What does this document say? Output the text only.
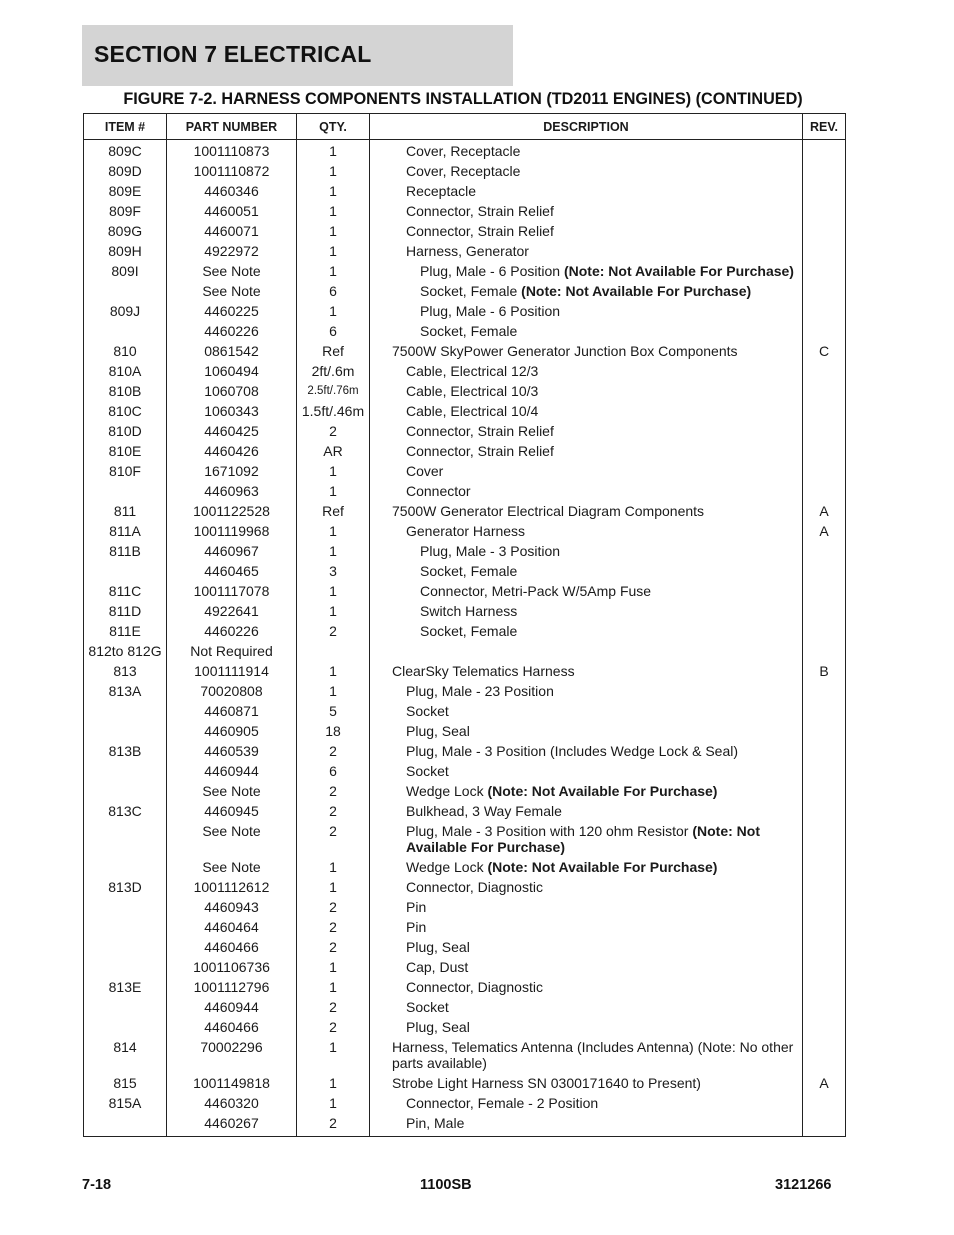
SECTION 7 ELECTRICAL
FIGURE 7-2. HARNESS COMPONENTS INSTALLATION (TD2011 ENGINES) (CONTINUED)
ITEM #	PART NUMBER	QTY.	DESCRIPTION	REV.
809C	1001110873	1	Cover, Receptacle	

809D	1001110872	1	Cover, Receptacle	

809E	4460346	1	Receptacle	

809F	4460051	1	Connector, Strain Relief	

809G	4460071	1	Connector, Strain Relief	

809H	4922972	1	Harness, Generator	

809I	See Note	1	Plug, Male - 6 Position (Note: Not Available For Purchase)	

	See Note	6	Socket, Female (Note: Not Available For Purchase)	

809J	4460225	1	Plug, Male - 6 Position	

	4460226	6	Socket, Female	

810	0861542	Ref	7500W SkyPower Generator Junction Box Components	C
810A	1060494	2ft/.6m	Cable, Electrical 12/3	

810B	1060708	2.5ft/.76m	Cable, Electrical 10/3	

810C	1060343	1.5ft/.46m	Cable, Electrical 10/4	

810D	4460425	2	Connector, Strain Relief	

810E	4460426	AR	Connector, Strain Relief	

810F	1671092	1	Cover	

	4460963	1	Connector	

811	1001122528	Ref	7500W Generator Electrical Diagram Components	A
811A	1001119968	1	Generator Harness	A
811B	4460967	1	Plug, Male - 3 Position	

	4460465	3	Socket, Female	

811C	1001117078	1	Connector, Metri-Pack W/5Amp Fuse	

811D	4922641	1	Switch Harness	

811E	4460226	2	Socket, Female	

812to 812G	Not Required		

813	1001111914	1	ClearSky Telematics Harness	B
813A	70020808	1	Plug, Male - 23 Position	

	4460871	5	Socket	

	4460905	18	Plug, Seal	

813B	4460539	2	Plug, Male - 3 Position (Includes Wedge Lock & Seal)	

	4460944	6	Socket	

	See Note	2	Wedge Lock (Note: Not Available For Purchase)	

813C	4460945	2	Bulkhead, 3 Way Female	

	See Note	2	Plug, Male - 3 Position with 120 ohm Resistor (Note: Not Available For Purchase)	

	See Note	1	Wedge Lock (Note: Not Available For Purchase)	

813D	1001112612	1	Connector, Diagnostic	

	4460943	2	Pin	

	4460464	2	Pin	

	4460466	2	Plug, Seal	

	1001106736	1	Cap, Dust	

813E	1001112796	1	Connector, Diagnostic	

	4460944	2	Socket	

	4460466	2	Plug, Seal	

814	70002296	1	Harness, Telematics Antenna (Includes Antenna) (Note: No other parts available)	

815	1001149818	1	Strobe Light Harness SN 0300171640 to Present)	A
815A	4460320	1	Connector, Female - 2 Position	

	4460267	2	Pin, Male	

7-18	1100SB	3121266
